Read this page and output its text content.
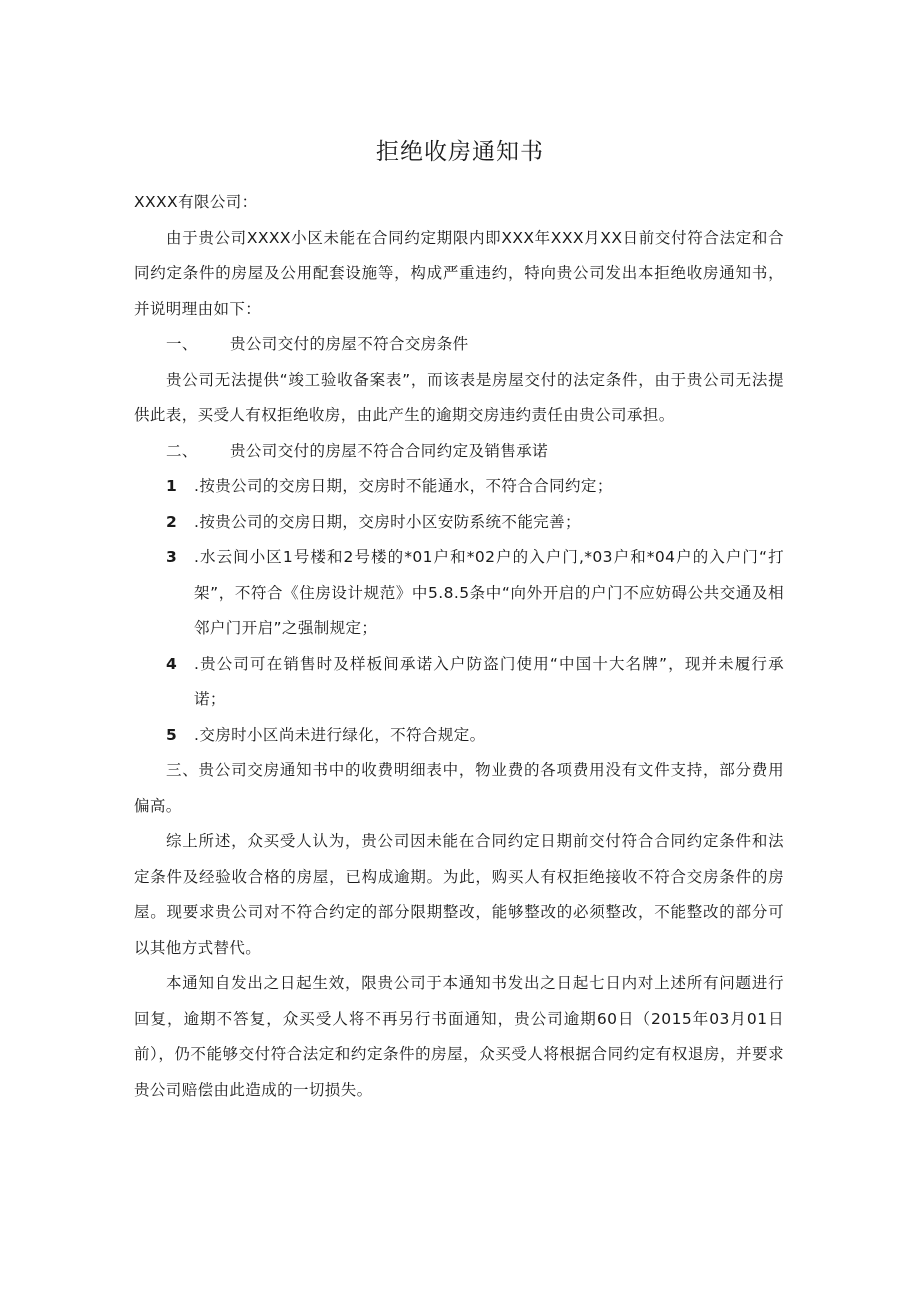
拒绝收房通知书

XXXX有限公司：

由于贵公司XXXX小区未能在合同约定期限内即XXX年XXX月XX日前交付符合法定和合同约定条件的房屋及公用配套设施等，构成严重违约，特向贵公司发出本拒绝收房通知书，并说明理由如下：

一、 贵公司交付的房屋不符合交房条件

贵公司无法提供“竣工验收备案表”，而该表是房屋交付的法定条件，由于贵公司无法提供此表，买受人有权拒绝收房，由此产生的逾期交房违约责任由贵公司承担。

二、 贵公司交付的房屋不符合合同约定及销售承诺

1 .按贵公司的交房日期，交房时不能通水，不符合合同约定；

2 .按贵公司的交房日期，交房时小区安防系统不能完善；

3 .水云间小区1号楼和2号楼的*01户和*02户的入户门,*03户和*04户的入户门“打架”，不符合《住房设计规范》中5.8.5条中“向外开启的户门不应妨碍公共交通及相邻户门开启”之强制规定；

4 .贵公司可在销售时及样板间承诺入户防盗门使用“中国十大名牌”，现并未履行承诺；

5 .交房时小区尚未进行绿化，不符合规定。

三、贵公司交房通知书中的收费明细表中，物业费的各项费用没有文件支持，部分费用偏高。

综上所述，众买受人认为，贵公司因未能在合同约定日期前交付符合合同约定条件和法定条件及经验收合格的房屋，已构成逾期。为此，购买人有权拒绝接收不符合交房条件的房屋。现要求贵公司对不符合约定的部分限期整改，能够整改的必须整改，不能整改的部分可以其他方式替代。

本通知自发出之日起生效，限贵公司于本通知书发出之日起七日内对上述所有问题进行回复，逾期不答复，众买受人将不再另行书面通知，贵公司逾期60日（2015年03月01日前），仍不能够交付符合法定和约定条件的房屋，众买受人将根据合同约定有权退房，并要求贵公司赔偿由此造成的一切损失。
